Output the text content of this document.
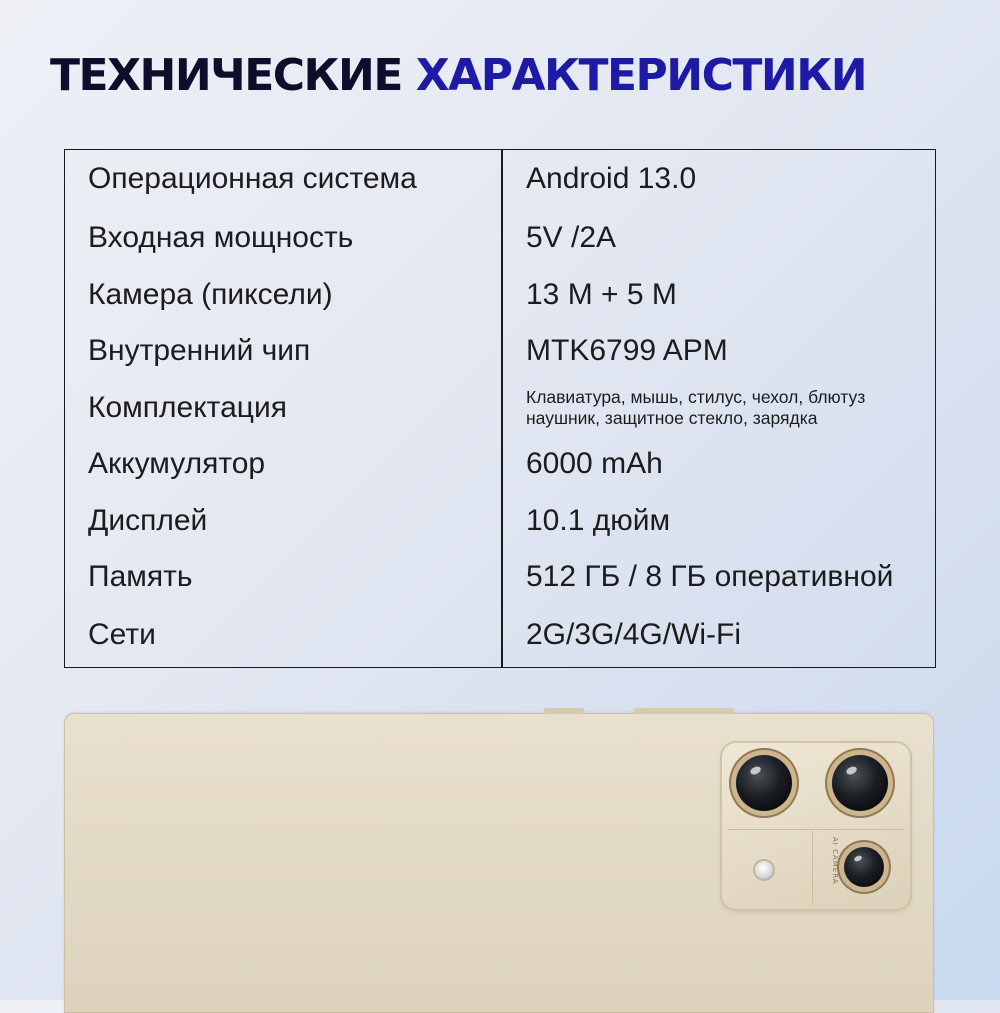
ТЕХНИЧЕСКИЕ ХАРАКТЕРИСТИКИ
Операционная система	Android 13.0
Входная мощность	5V /2A
Камера (пиксели)	13 M + 5 M
Внутренний чип	MTK6799 APM
Комплектация	Клавиатура, мышь, стилус, чехол, блютуз наушник, защитное стекло, зарядка
Аккумулятор	6000 mAh
Дисплей	10.1 дюйм
Память	512 ГБ / 8 ГБ оперативной
Сети	2G/3G/4G/Wi-Fi
AI CAMERA
